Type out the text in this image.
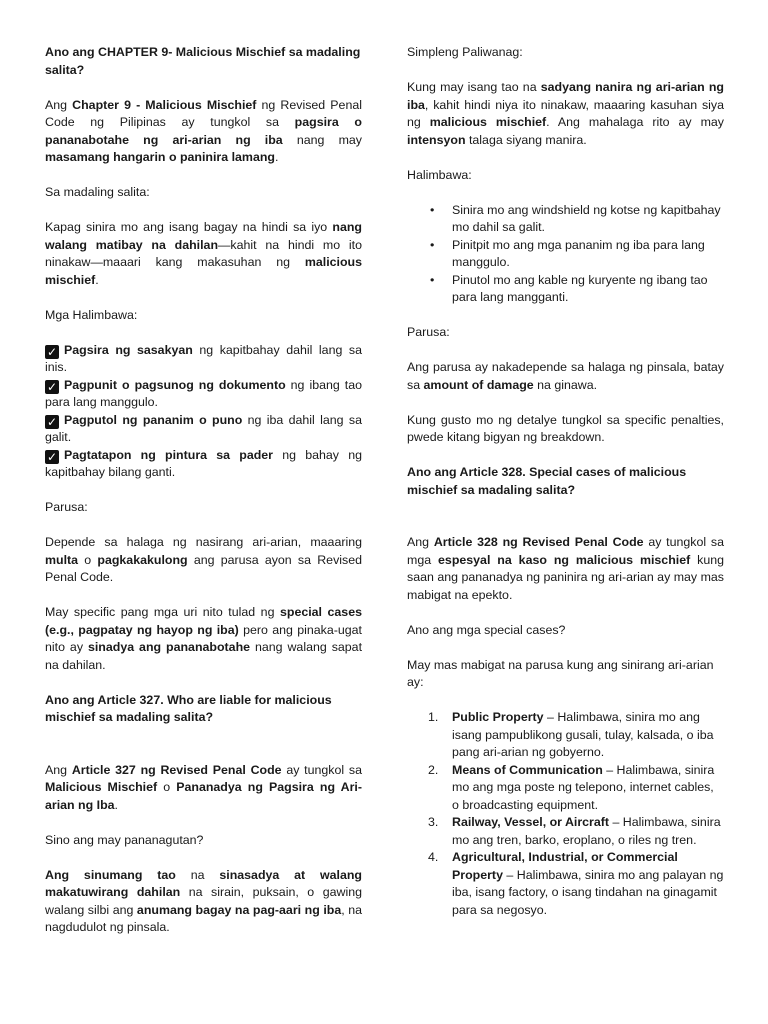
Ano ang CHAPTER 9- Malicious Mischief sa madaling salita?

Ang Chapter 9 - Malicious Mischief ng Revised Penal Code ng Pilipinas ay tungkol sa pagsira o pananabotahe ng ari-arian ng iba nang may masamang hangarin o paninira lamang.

Sa madaling salita:

Kapag sinira mo ang isang bagay na hindi sa iyo nang walang matibay na dahilan—kahit na hindi mo ito ninakaw—maaari kang makasuhan ng malicious mischief.

Mga Halimbawa:

✓ Pagsira ng sasakyan ng kapitbahay dahil lang sa inis.

✓ Pagpunit o pagsunog ng dokumento ng ibang tao para lang manggulo.

✓ Pagputol ng pananim o puno ng iba dahil lang sa galit.

✓ Pagtatapon ng pintura sa pader ng bahay ng kapitbahay bilang ganti.

Parusa:

Depende sa halaga ng nasirang ari-arian, maaaring multa o pagkakakulong ang parusa ayon sa Revised Penal Code.

May specific pang mga uri nito tulad ng special cases (e.g., pagpatay ng hayop ng iba) pero ang pinaka-ugat nito ay sinadya ang pananabotahe nang walang sapat na dahilan.

Ano ang Article 327. Who are liable for malicious mischief sa madaling salita?

Ang Article 327 ng Revised Penal Code ay tungkol sa Malicious Mischief o Pananadya ng Pagsira ng Ari-arian ng Iba.

Sino ang may pananagutan?

Ang sinumang tao na sinasadya at walang makatuwirang dahilan na sirain, puksain, o gawing walang silbi ang anumang bagay na pag-aari ng iba, na nagdudulot ng pinsala.

Simpleng Paliwanag:

Kung may isang tao na sadyang nanira ng ari-arian ng iba, kahit hindi niya ito ninakaw, maaaring kasuhan siya ng malicious mischief. Ang mahalaga rito ay may intensyon talaga siyang manira.

Halimbawa:

• Sinira mo ang windshield ng kotse ng kapitbahay mo dahil sa galit.
• Pinitpit mo ang mga pananim ng iba para lang manggulo.
• Pinutol mo ang kable ng kuryente ng ibang tao para lang mangganti.

Parusa:

Ang parusa ay nakadepende sa halaga ng pinsala, batay sa amount of damage na ginawa.

Kung gusto mo ng detalye tungkol sa specific penalties, pwede kitang bigyan ng breakdown.

Ano ang Article 328. Special cases of malicious mischief sa madaling salita?

Ang Article 328 ng Revised Penal Code ay tungkol sa mga espesyal na kaso ng malicious mischief kung saan ang pananadya ng paninira ng ari-arian ay may mas mabigat na epekto.

Ano ang mga special cases?

May mas mabigat na parusa kung ang sinirang ari-arian ay:

1. Public Property – Halimbawa, sinira mo ang isang pampublikong gusali, tulay, kalsada, o iba pang ari-arian ng gobyerno.
2. Means of Communication – Halimbawa, sinira mo ang mga poste ng telepono, internet cables, o broadcasting equipment.
3. Railway, Vessel, or Aircraft – Halimbawa, sinira mo ang tren, barko, eroplano, o riles ng tren.
4. Agricultural, Industrial, or Commercial Property – Halimbawa, sinira mo ang palayan ng iba, isang factory, o isang tindahan na ginagamit para sa negosyo.
